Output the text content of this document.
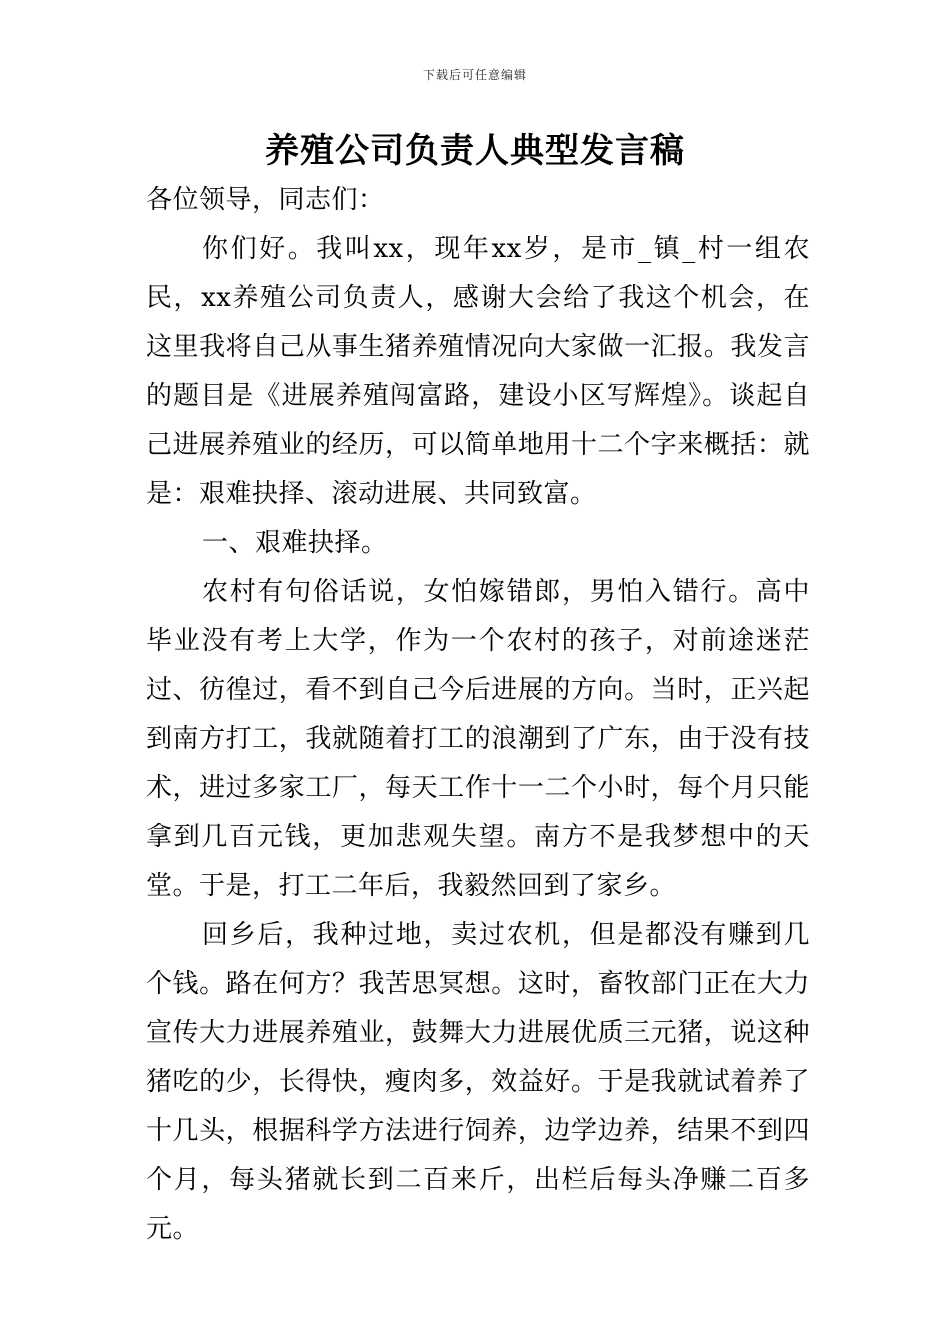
下载后可任意编辑
养殖公司负责人典型发言稿

各位领导，同志们：

你们好。我叫xx，现年xx岁，是市_镇_村一组农民，xx养殖公司负责人，感谢大会给了我这个机会，在这里我将自己从事生猪养殖情况向大家做一汇报。我发言的题目是《进展养殖闯富路，建设小区写辉煌》。谈起自己进展养殖业的经历，可以简单地用十二个字来概括：就是：艰难抉择、滚动进展、共同致富。

一、艰难抉择。

农村有句俗话说，女怕嫁错郎，男怕入错行。高中毕业没有考上大学，作为一个农村的孩子，对前途迷茫过、彷徨过，看不到自己今后进展的方向。当时，正兴起到南方打工，我就随着打工的浪潮到了广东，由于没有技术，进过多家工厂，每天工作十一二个小时，每个月只能拿到几百元钱，更加悲观失望。南方不是我梦想中的天堂。于是，打工二年后，我毅然回到了家乡。

回乡后，我种过地，卖过农机，但是都没有赚到几个钱。路在何方？我苦思冥想。这时，畜牧部门正在大力宣传大力进展养殖业，鼓舞大力进展优质三元猪，说这种猪吃的少，长得快，瘦肉多，效益好。于是我就试着养了十几头，根据科学方法进行饲养，边学边养，结果不到四个月，每头猪就长到二百来斤，出栏后每头净赚二百多元。
